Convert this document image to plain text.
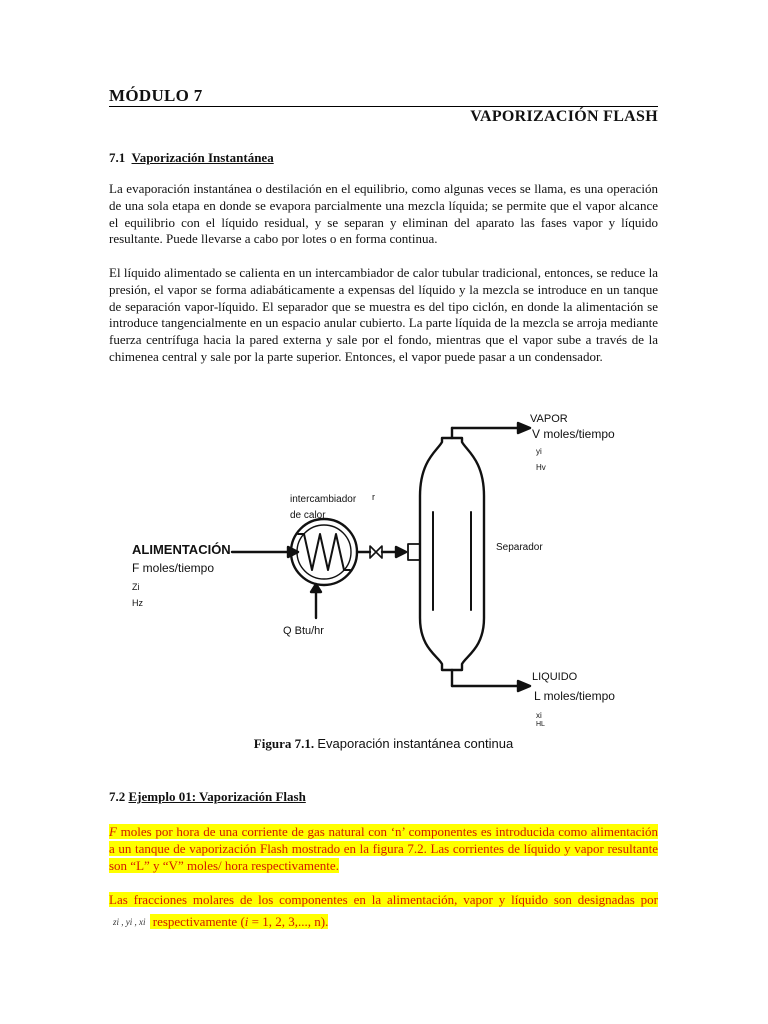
MÓDULO 7
VAPORIZACIÓN FLASH
7.1 Vaporización Instantánea

La evaporación instantánea o destilación en el equilibrio, como algunas veces se llama, es una operación de una sola etapa en donde se evapora parcialmente una mezcla líquida; se permite que el vapor alcance el equilibrio con el líquido residual, y se separan y eliminan del aparato las fases vapor y líquido resultante. Puede llevarse a cabo por lotes o en forma continua.

El líquido alimentado se calienta en un intercambiador de calor tubular tradicional, entonces, se reduce la presión, el vapor se forma adiabáticamente a expensas del líquido y la mezcla se introduce en un tanque de separación vapor-líquido. El separador que se muestra es del tipo ciclón, en donde la alimentación se introduce tangencialmente en un espacio anular cubierto. La parte líquida de la mezcla se arroja mediante fuerza centrífuga hacia la pared externa y sale por el fondo, mientras que el vapor sube a través de la chimenea central y sale por la parte superior. Entonces, el vapor puede pasar a un condensador.

ALIMENTACIÓN
F moles/tiempo
Zi
Hz
intercambiador
de calor
r
Q Btu/hr
Separador
VAPOR
V moles/tiempo
yi
Hv
LIQUIDO
L moles/tiempo
xi
HL
Figura 7.1. Evaporación instantánea continua
7.2 Ejemplo 01: Vaporización Flash

F moles por hora de una corriente de gas natural con ‘n’ componentes es introducida como alimentación a un tanque de vaporización Flash mostrado en la figura 7.2. Las corrientes de líquido y vapor resultante son “L” y “V” moles/ hora respectivamente.

Las fracciones molares de los componentes en la alimentación, vapor y líquido son designadas por zi , yi , xi respectivamente (i = 1, 2, 3,..., n).
